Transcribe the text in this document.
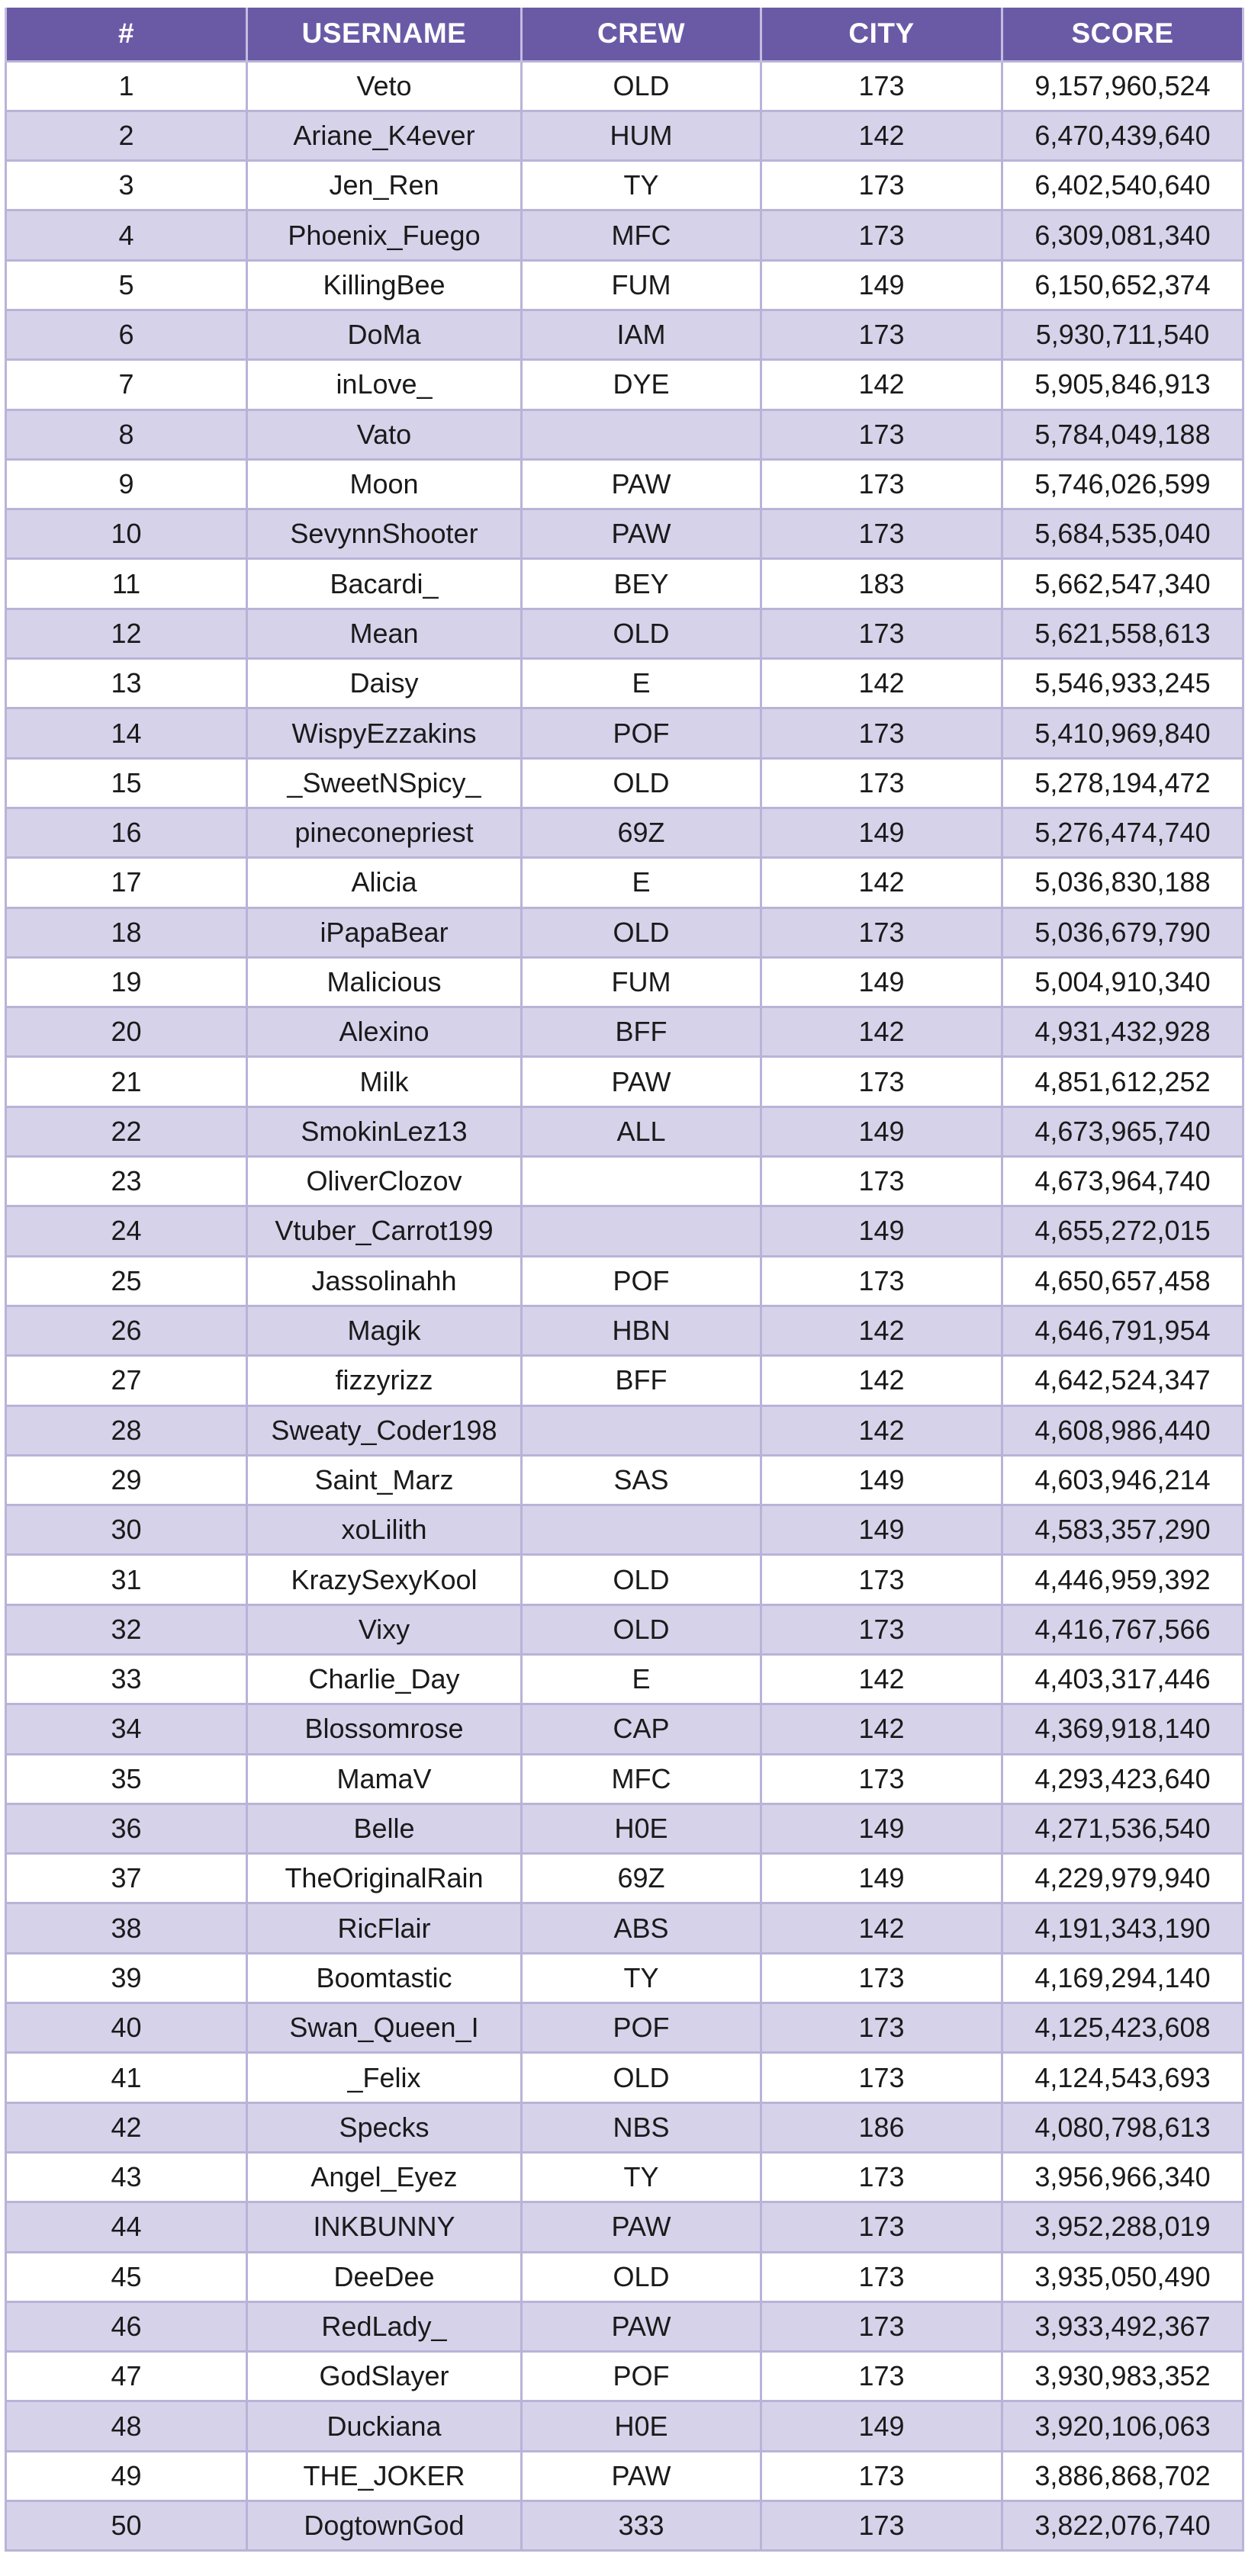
#	USERNAME	CREW	CITY	SCORE
1	Veto	OLD	173	9,157,960,524
2	Ariane_K4ever	HUM	142	6,470,439,640
3	Jen_Ren	TY	173	6,402,540,640
4	Phoenix_Fuego	MFC	173	6,309,081,340
5	KillingBee	FUM	149	6,150,652,374
6	DoMa	IAM	173	5,930,711,540
7	inLove_	DYE	142	5,905,846,913
8	Vato		173	5,784,049,188
9	Moon	PAW	173	5,746,026,599
10	SevynnShooter	PAW	173	5,684,535,040
11	Bacardi_	BEY	183	5,662,547,340
12	Mean	OLD	173	5,621,558,613
13	Daisy	E	142	5,546,933,245
14	WispyEzzakins	POF	173	5,410,969,840
15	_SweetNSpicy_	OLD	173	5,278,194,472
16	pineconepriest	69Z	149	5,276,474,740
17	Alicia	E	142	5,036,830,188
18	iPapaBear	OLD	173	5,036,679,790
19	Malicious	FUM	149	5,004,910,340
20	Alexino	BFF	142	4,931,432,928
21	Milk	PAW	173	4,851,612,252
22	SmokinLez13	ALL	149	4,673,965,740
23	OliverClozov		173	4,673,964,740
24	Vtuber_Carrot199		149	4,655,272,015
25	Jassolinahh	POF	173	4,650,657,458
26	Magik	HBN	142	4,646,791,954
27	fizzyrizz	BFF	142	4,642,524,347
28	Sweaty_Coder198		142	4,608,986,440
29	Saint_Marz	SAS	149	4,603,946,214
30	xoLilith		149	4,583,357,290
31	KrazySexyKool	OLD	173	4,446,959,392
32	Vixy	OLD	173	4,416,767,566
33	Charlie_Day	E	142	4,403,317,446
34	Blossomrose	CAP	142	4,369,918,140
35	MamaV	MFC	173	4,293,423,640
36	Belle	H0E	149	4,271,536,540
37	TheOriginalRain	69Z	149	4,229,979,940
38	RicFlair	ABS	142	4,191,343,190
39	Boomtastic	TY	173	4,169,294,140
40	Swan_Queen_I	POF	173	4,125,423,608
41	_Felix	OLD	173	4,124,543,693
42	Specks	NBS	186	4,080,798,613
43	Angel_Eyez	TY	173	3,956,966,340
44	INKBUNNY	PAW	173	3,952,288,019
45	DeeDee	OLD	173	3,935,050,490
46	RedLady_	PAW	173	3,933,492,367
47	GodSlayer	POF	173	3,930,983,352
48	Duckiana	H0E	149	3,920,106,063
49	THE_JOKER	PAW	173	3,886,868,702
50	DogtownGod	333	173	3,822,076,740
